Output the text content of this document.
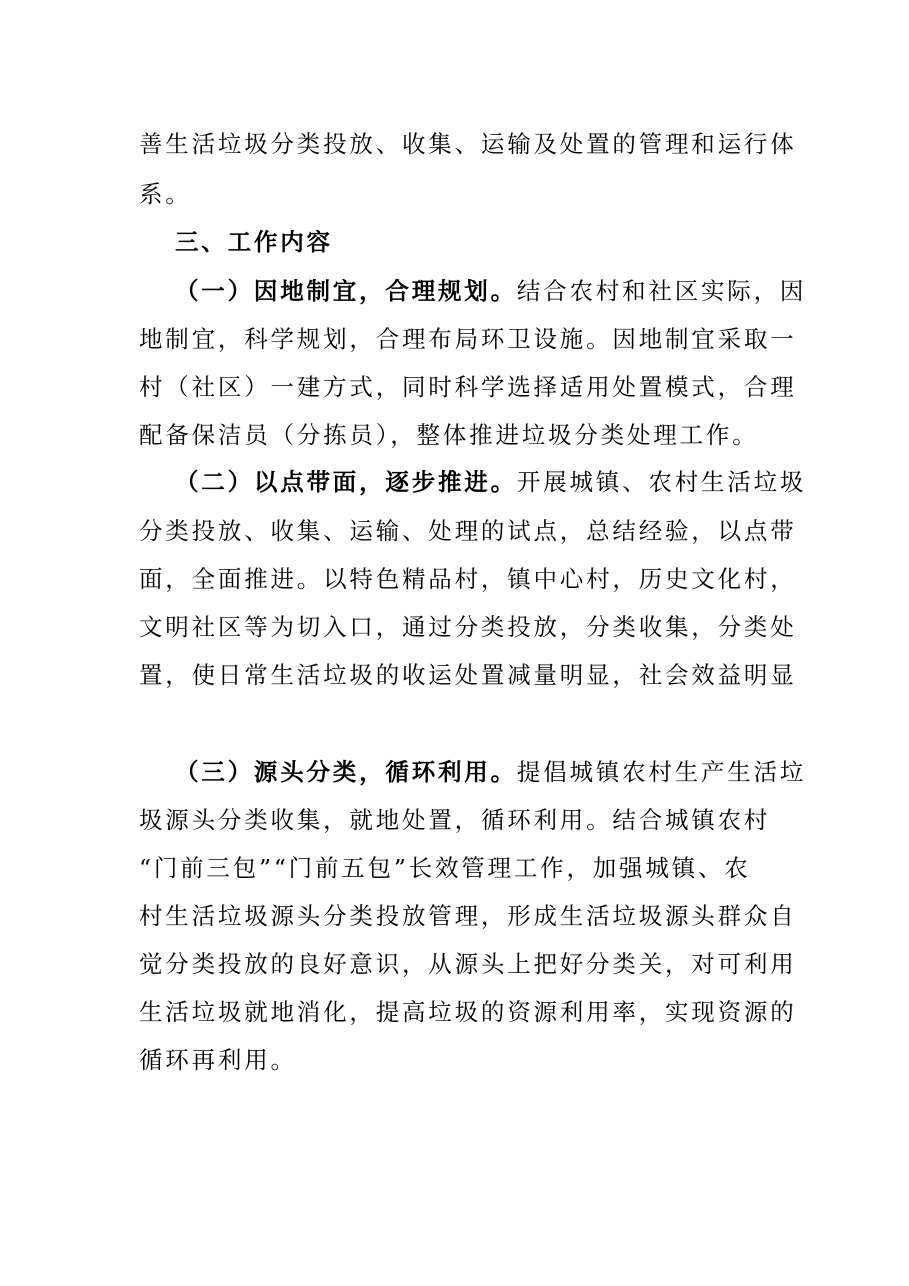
善生活垃圾分类投放、收集、运输及处置的管理和运行体
系。
三、工作内容
（一）因地制宜，合理规划。结合农村和社区实际，因
地制宜，科学规划，合理布局环卫设施。因地制宜采取一
村（社区）一建方式，同时科学选择适用处置模式，合理
配备保洁员（分拣员），整体推进垃圾分类处理工作。
（二）以点带面，逐步推进。开展城镇、农村生活垃圾
分类投放、收集、运输、处理的试点，总结经验，以点带
面，全面推进。以特色精品村，镇中心村，历史文化村，
文明社区等为切入口，通过分类投放，分类收集，分类处
置，使日常生活垃圾的收运处置减量明显，社会效益明显
（三）源头分类，循环利用。提倡城镇农村生产生活垃
圾源头分类收集，就地处置，循环利用。结合城镇农村
“门前三包”“门前五包”长效管理工作，加强城镇、农
村生活垃圾源头分类投放管理，形成生活垃圾源头群众自
觉分类投放的良好意识，从源头上把好分类关，对可利用
生活垃圾就地消化，提高垃圾的资源利用率，实现资源的
循环再利用。
